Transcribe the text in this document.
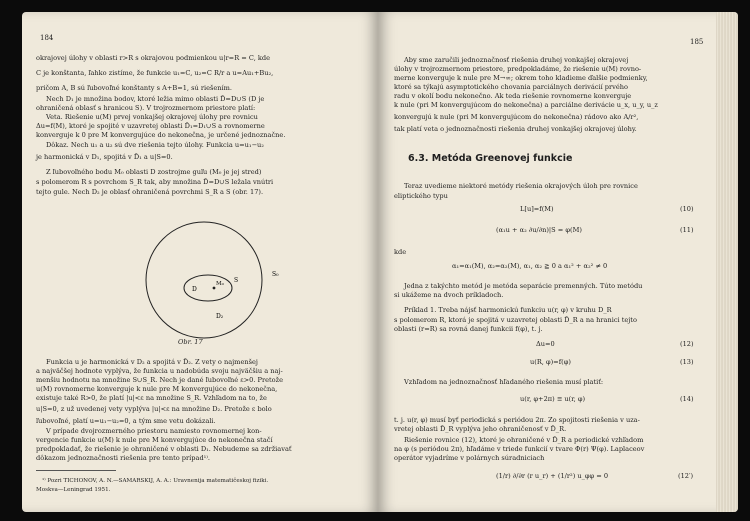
184
okrajovej úlohy v oblasti r>R s okrajovou podmienkou u|r=R = C, kde
C je konštanta, ľahko zistíme, že funkcie u₁=C, u₂=C R/r a u=Au₁+Bu₂,
pričom A, B sú ľubovoľné konštanty s A+B=1, sú riešením.
Nech D₁ je množina bodov, ktoré ležia mimo oblasti D̄=D∪S (D je
ohraničená oblasť s hranicou S). V trojrozmernom priestore platí:
Veta. Riešenie u(M) prvej vonkajšej okrajovej úlohy pre rovnicu
Δu=f(M), ktoré je spojité v uzavretej oblasti D̄₁=D₁∪S a rovnomerne
konverguje k 0 pre M konvergujúce do nekonečna, je určené jednoznačne.
Dôkaz. Nech u₁ a u₂ sú dve riešenia tejto úlohy. Funkcia u=u₁−u₂
je harmonická v D₁, spojitá v D̄₁ a u|S=0.
Z ľubovoľného bodu M₀ oblasti D zostrojme guľu (M₀ je jej stred)
s polomerom R s povrchom S_R tak, aby množina D̄=D∪S ležala vnútri
tejto gule. Nech D₂ je oblasť ohraničená povrchmi S_R a S (obr. 17).
S₀
D
M₀ S
D₂
Obr. 17
Funkcia u je harmonická v D₂ a spojitá v D̄₂. Z vety o najmenšej
a najväčšej hodnote vyplýva, že funkcia u nadobúda svoju najväčšiu a naj-
menšiu hodnotu na množine S∪S_R. Nech je dané ľubovoľné ε>0. Pretože
u(M) rovnomerne konverguje k nule pre M konvergujúce do nekonečna,
existuje také R>0, že platí |u|<ε na množine S_R. Vzhľadom na to, že
u|S=0, z už uvedenej vety vyplýva |u|<ε na množine D₂. Pretože ε bolo
ľubovoľné, platí u=u₁−u₂=0, a tým sme vetu dokázali.
V prípade dvojrozmerného priestoru namiesto rovnomernej kon-
vergencie funkcie u(M) k nule pre M konvergujúce do nekonečna stačí
predpokladať, že riešenie je ohraničené v oblasti D₁. Nebudeme sa zdržiavať
dôkazom jednoznačnosti riešenia pre tento prípad¹⁾.
¹⁾ Pozri TICHONOV, A. N.—SAMARSKIJ, A. A.: Uravnenija matematičeskoj fiziki.
Moskva—Leningrad 1951.
185
Aby sme zaručili jednoznačnosť riešenia druhej vonkajšej okrajovej
úlohy v trojrozmernom priestore, predpokladáme, že riešenie u(M) rovno-
merne konverguje k nule pre M→∞; okrem toho kladieme ďalšie podmienky,
ktoré sa týkajú asymptotického chovania parciálnych derivácií prvého
radu v okolí bodu nekonečno. Ak teda riešenie rovnomerne konverguje
k nule (pri M konvergujúcom do nekonečna) a parciálne derivácie u_x, u_y, u_z
konvergujú k nule (pri M konvergujúcom do nekonečna) rádovo ako A/r²,
tak platí veta o jednoznačnosti riešenia druhej vonkajšej okrajovej úlohy.
6.3. Metóda Greenovej funkcie
Teraz uvedieme niektoré metódy riešenia okrajových úloh pre rovnice
eliptického typu
L[u]=f(M)	(10)
(α₁u + α₂ ∂u/∂n)|S = φ(M)	(11)
kde
α₁=α₁(M), α₂=α₂(M), α₁, α₂ ≧ 0 a α₁² + α₂² ≠ 0
Jedna z takýchto metód je metóda separácie premenných. Túto metódu
si ukážeme na dvoch príkladoch.
Príklad 1. Treba nájsť harmonickú funkciu u(r, φ) v kruhu D_R
s polomerom R, ktorá je spojitá v uzavretej oblasti D̄_R a na hranici tejto
oblasti (r=R) sa rovná danej funkcii f(φ), t. j.
Δu=0	(12)
u(R, φ)=f(φ)	(13)
Vzhľadom na jednoznačnosť hľadaného riešenia musí platiť:
u(r, φ+2π) ≡ u(r, φ)	(14)
t. j. u(r, φ) musí byť periodická s periódou 2π. Zo spojitosti riešenia v uza-
vretej oblasti D̄_R vyplýva jeho ohraničenosť v D̄_R.
Riešenie rovnice (12), ktoré je ohraničené v D̄_R a periodické vzhľadom
na φ (s periódou 2π), hľadáme v triede funkcií v tvare Φ(r) Ψ(φ). Laplaceov
operátor vyjadríme v polárnych súradniciach
(1/r) ∂/∂r (r u_r) + (1/r²) u_φφ = 0	(12′)
